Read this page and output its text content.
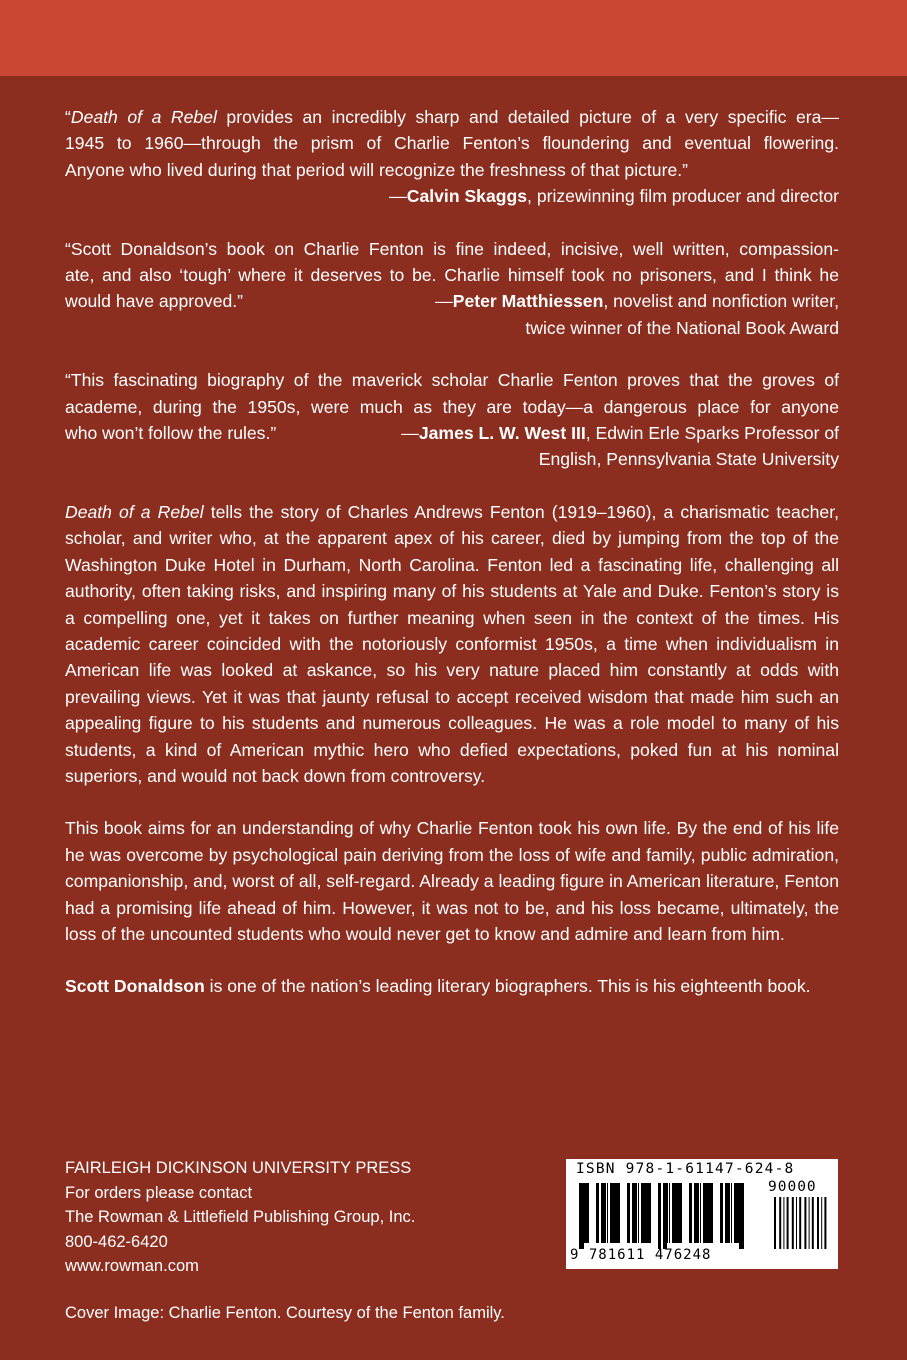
“Death of a Rebel provides an incredibly sharp and detailed picture of a very specific era—

1945 to 1960—through the prism of Charlie Fenton’s floundering and eventual flowering.

Anyone who lived during that period will recognize the freshness of that picture.”

—Calvin Skaggs, prizewinning film producer and director

“Scott Donaldson’s book on Charlie Fenton is fine indeed, incisive, well written, compassion-

ate, and also ‘tough’ where it deserves to be. Charlie himself took no prisoners, and I think he

would have approved.”	—Peter Matthiessen, novelist and nonfiction writer,

twice winner of the National Book Award

“This fascinating biography of the maverick scholar Charlie Fenton proves that the groves of

academe, during the 1950s, were much as they are today—a dangerous place for anyone

who won’t follow the rules.”	—James L. W. West III, Edwin Erle Sparks Professor of

English, Pennsylvania State University

Death of a Rebel tells the story of Charles Andrews Fenton (1919–1960), a charismatic teacher, scholar, and writer who, at the apparent apex of his career, died by jumping from the top of the Washington Duke Hotel in Durham, North Carolina. Fenton led a fascinating life, challenging all authority, often taking risks, and inspiring many of his students at Yale and Duke. Fenton’s story is a compelling one, yet it takes on further meaning when seen in the context of the times. His academic career coincided with the notoriously conformist 1950s, a time when individualism in American life was looked at askance, so his very nature placed him constantly at odds with prevailing views. Yet it was that jaunty refusal to accept received wisdom that made him such an appealing figure to his students and numerous colleagues. He was a role model to many of his students, a kind of American mythic hero who defied expectations, poked fun at his nominal superiors, and would not back down from controversy.

This book aims for an understanding of why Charlie Fenton took his own life. By the end of his life he was overcome by psychological pain deriving from the loss of wife and family, public admiration, companionship, and, worst of all, self-regard. Already a leading figure in American literature, Fenton had a promising life ahead of him. However, it was not to be, and his loss became, ultimately, the loss of the uncounted students who would never get to know and admire and learn from him.

Scott Donaldson is one of the nation’s leading literary biographers. This is his eighteenth book.

FAIRLEIGH DICKINSON UNIVERSITY PRESS
For orders please contact
The Rowman & Littlefield Publishing Group, Inc.
800-462-6420
www.rowman.com
Cover Image: Charlie Fenton. Courtesy of the Fenton family.
ISBN 978-1-61147-624-8
90000
9 781611 476248
